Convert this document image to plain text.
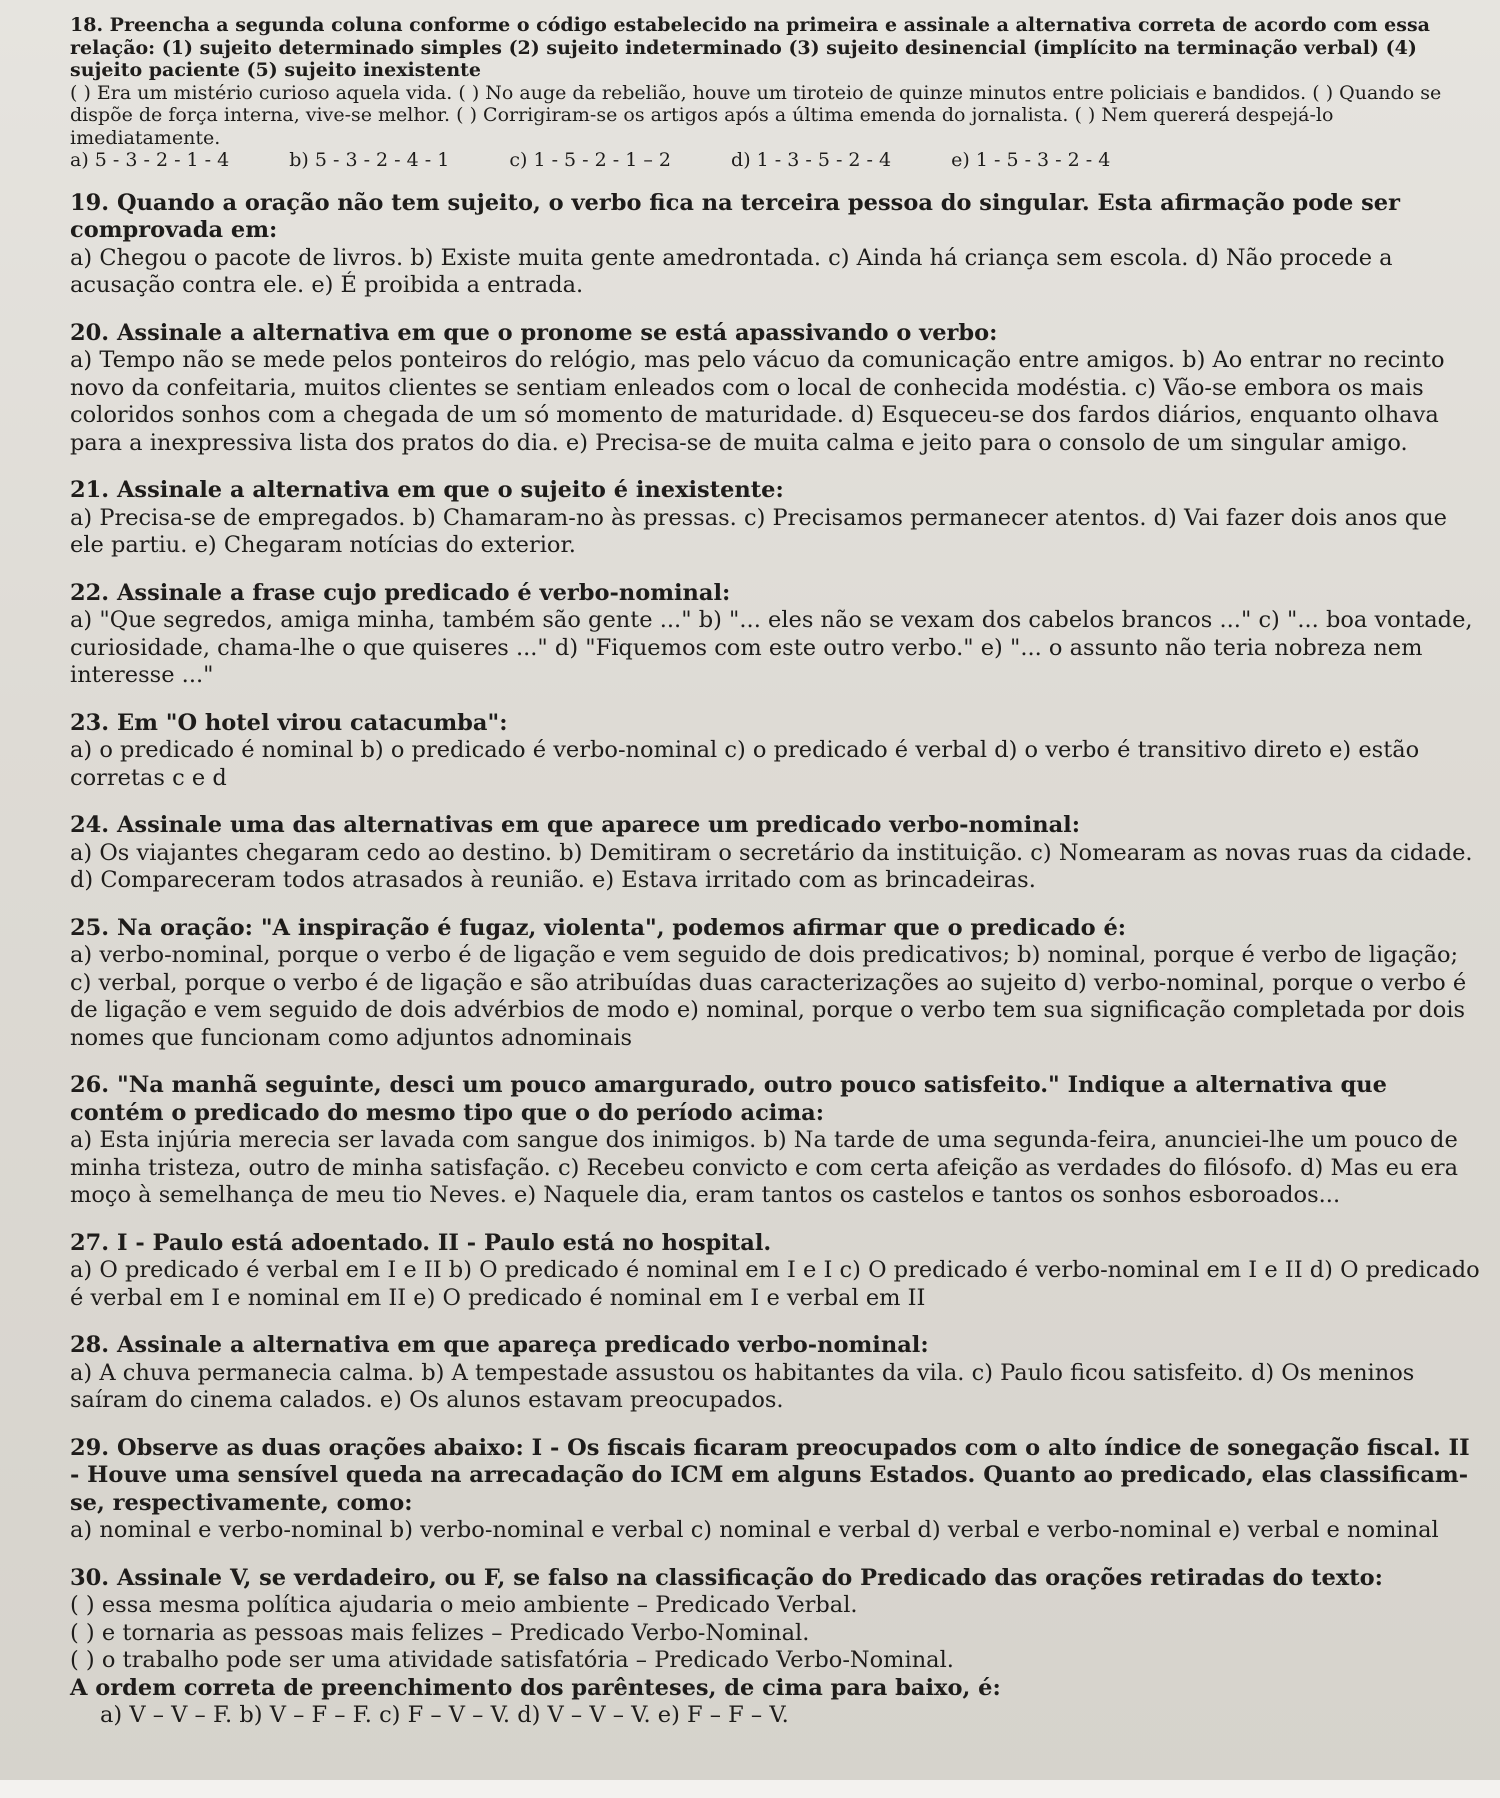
18. Preencha a segunda coluna conforme o código estabelecido na primeira e assinale a alternativa correta de acordo com essa relação: (1) sujeito determinado simples (2) sujeito indeterminado (3) sujeito desinencial (implícito na terminação verbal) (4) sujeito paciente (5) sujeito inexistente

( ) Era um mistério curioso aquela vida. ( ) No auge da rebelião, houve um tiroteio de quinze minutos entre policiais e bandidos. ( ) Quando se dispõe de força interna, vive-se melhor. ( ) Corrigiram-se os artigos após a última emenda do jornalista. ( ) Nem quererá despejá-lo imediatamente.

a) 5 - 3 - 2 - 1 - 4	b) 5 - 3 - 2 - 4 - 1	c) 1 - 5 - 2 - 1 – 2	d) 1 - 3 - 5 - 2 - 4	e) 1 - 5 - 3 - 2 - 4

19. Quando a oração não tem sujeito, o verbo fica na terceira pessoa do singular. Esta afirmação pode ser comprovada em:

a) Chegou o pacote de livros. b) Existe muita gente amedrontada. c) Ainda há criança sem escola. d) Não procede a acusação contra ele. e) É proibida a entrada.

20. Assinale a alternativa em que o pronome se está apassivando o verbo:

a) Tempo não se mede pelos ponteiros do relógio, mas pelo vácuo da comunicação entre amigos. b) Ao entrar no recinto novo da confeitaria, muitos clientes se sentiam enleados com o local de conhecida modéstia. c) Vão-se embora os mais coloridos sonhos com a chegada de um só momento de maturidade. d) Esqueceu-se dos fardos diários, enquanto olhava para a inexpressiva lista dos pratos do dia. e) Precisa-se de muita calma e jeito para o consolo de um singular amigo.

21. Assinale a alternativa em que o sujeito é inexistente:

a) Precisa-se de empregados. b) Chamaram-no às pressas. c) Precisamos permanecer atentos. d) Vai fazer dois anos que ele partiu. e) Chegaram notícias do exterior.

22. Assinale a frase cujo predicado é verbo-nominal:

a) "Que segredos, amiga minha, também são gente ..." b) "... eles não se vexam dos cabelos brancos ..." c) "... boa vontade, curiosidade, chama-lhe o que quiseres ..." d) "Fiquemos com este outro verbo." e) "... o assunto não teria nobreza nem interesse ..."

23. Em "O hotel virou catacumba":

a) o predicado é nominal b) o predicado é verbo-nominal c) o predicado é verbal d) o verbo é transitivo direto e) estão corretas c e d

24. Assinale uma das alternativas em que aparece um predicado verbo-nominal:

a) Os viajantes chegaram cedo ao destino. b) Demitiram o secretário da instituição. c) Nomearam as novas ruas da cidade. d) Compareceram todos atrasados à reunião. e) Estava irritado com as brincadeiras.

25. Na oração: "A inspiração é fugaz, violenta", podemos afirmar que o predicado é:

a) verbo-nominal, porque o verbo é de ligação e vem seguido de dois predicativos; b) nominal, porque é verbo de ligação; c) verbal, porque o verbo é de ligação e são atribuídas duas caracterizações ao sujeito d) verbo-nominal, porque o verbo é de ligação e vem seguido de dois advérbios de modo e) nominal, porque o verbo tem sua significação completada por dois nomes que funcionam como adjuntos adnominais

26. "Na manhã seguinte, desci um pouco amargurado, outro pouco satisfeito." Indique a alternativa que contém o predicado do mesmo tipo que o do período acima:

a) Esta injúria merecia ser lavada com sangue dos inimigos. b) Na tarde de uma segunda-feira, anunciei-lhe um pouco de minha tristeza, outro de minha satisfação. c) Recebeu convicto e com certa afeição as verdades do filósofo. d) Mas eu era moço à semelhança de meu tio Neves. e) Naquele dia, eram tantos os castelos e tantos os sonhos esboroados...

27. I - Paulo está adoentado. II - Paulo está no hospital.

a) O predicado é verbal em I e II b) O predicado é nominal em I e I c) O predicado é verbo-nominal em I e II d) O predicado é verbal em I e nominal em II e) O predicado é nominal em I e verbal em II

28. Assinale a alternativa em que apareça predicado verbo-nominal:

a) A chuva permanecia calma. b) A tempestade assustou os habitantes da vila. c) Paulo ficou satisfeito. d) Os meninos saíram do cinema calados. e) Os alunos estavam preocupados.

29. Observe as duas orações abaixo: I - Os fiscais ficaram preocupados com o alto índice de sonegação fiscal. II - Houve uma sensível queda na arrecadação do ICM em alguns Estados. Quanto ao predicado, elas classificam-se, respectivamente, como:

a) nominal e verbo-nominal b) verbo-nominal e verbal c) nominal e verbal d) verbal e verbo-nominal e) verbal e nominal

30. Assinale V, se verdadeiro, ou F, se falso na classificação do Predicado das orações retiradas do texto:

( ) essa mesma política ajudaria o meio ambiente – Predicado Verbal.

( ) e tornaria as pessoas mais felizes – Predicado Verbo-Nominal.

( ) o trabalho pode ser uma atividade satisfatória – Predicado Verbo-Nominal.

A ordem correta de preenchimento dos parênteses, de cima para baixo, é:

a) V – V – F. b) V – F – F. c) F – V – V. d) V – V – V. e) F – F – V.
